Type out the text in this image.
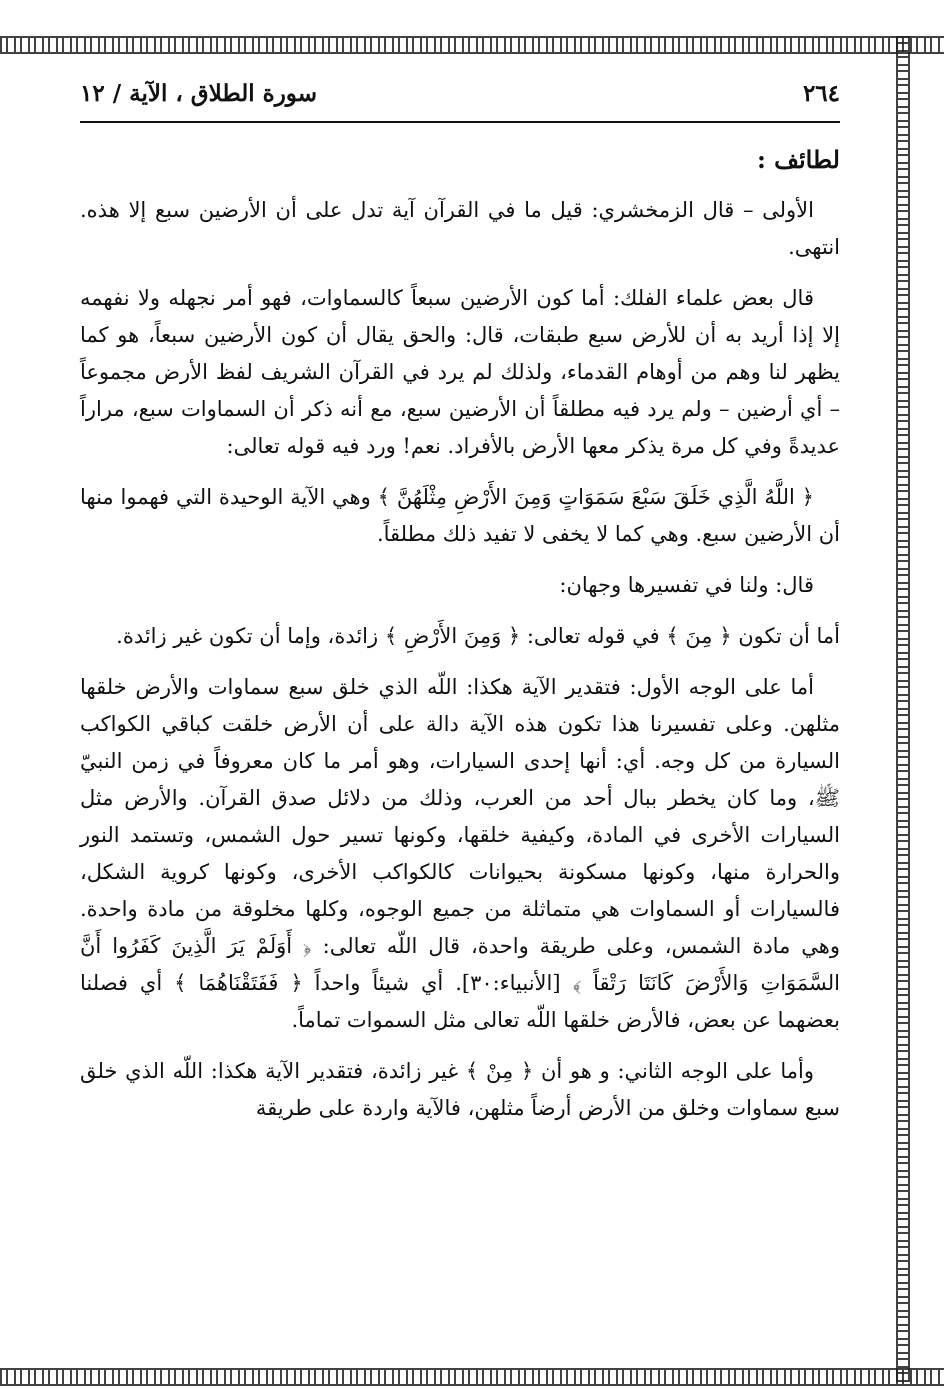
٢٦٤
سورة الطلاق ، الآية / ١٢
لطائف :

الأولى – قال الزمخشري: قيل ما في القرآن آية تدل على أن الأرضين سبع إلا هذه. انتهى.

قال بعض علماء الفلك: أما كون الأرضين سبعاً كالسماوات، فهو أمر نجهله ولا نفهمه إلا إذا أريد به أن للأرض سبع طبقات، قال: والحق يقال أن كون الأرضين سبعاً، هو كما يظهر لنا وهم من أوهام القدماء، ولذلك لم يرد في القرآن الشريف لفظ الأرض مجموعاً – أي أرضين – ولم يرد فيه مطلقاً أن الأرضين سبع، مع أنه ذكر أن السماوات سبع، مراراً عديدةً وفي كل مرة يذكر معها الأرض بالأفراد. نعم! ورد فيه قوله تعالى:

﴿ اللَّهُ الَّذِي خَلَقَ سَبْعَ سَمَوَاتٍ وَمِنَ الأَرْضِ مِثْلَهُنَّ ﴾ وهي الآية الوحيدة التي فهموا منها أن الأرضين سبع. وهي كما لا يخفى لا تفيد ذلك مطلقاً.

قال: ولنا في تفسيرها وجهان:

أما أن تكون ﴿ مِنَ ﴾ في قوله تعالى: ﴿ وَمِنَ الأَرْضِ ﴾ زائدة، وإما أن تكون غير زائدة.

أما على الوجه الأول: فتقدير الآية هكذا: اللّه الذي خلق سبع سماوات والأرض خلقها مثلهن. وعلى تفسيرنا هذا تكون هذه الآية دالة على أن الأرض خلقت كباقي الكواكب السيارة من كل وجه. أي: أنها إحدى السيارات، وهو أمر ما كان معروفاً في زمن النبيّ ﷺ، وما كان يخطر ببال أحد من العرب، وذلك من دلائل صدق القرآن. والأرض مثل السيارات الأخرى في المادة، وكيفية خلقها، وكونها تسير حول الشمس، وتستمد النور والحرارة منها، وكونها مسكونة بحيوانات كالكواكب الأخرى، وكونها كروية الشكل، فالسيارات أو السماوات هي متماثلة من جميع الوجوه، وكلها مخلوقة من مادة واحدة. وهي مادة الشمس، وعلى طريقة واحدة، قال اللّه تعالى: ﴿ أَوَلَمْ يَرَ الَّذِينَ كَفَرُوا أَنَّ السَّمَوَاتِ وَالأَرْضَ كَانَتَا رَتْقاً ﴾ [الأنبياء:٣٠]. أي شيئاً واحداً ﴿ فَفَتَقْنَاهُمَا ﴾ أي فصلنا بعضهما عن بعض، فالأرض خلقها اللّه تعالى مثل السموات تماماً.

وأما على الوجه الثاني: و هو أن ﴿ مِنْ ﴾ غير زائدة، فتقدير الآية هكذا: اللّه الذي خلق سبع سماوات وخلق من الأرض أرضاً مثلهن، فالآية واردة على طريقة
